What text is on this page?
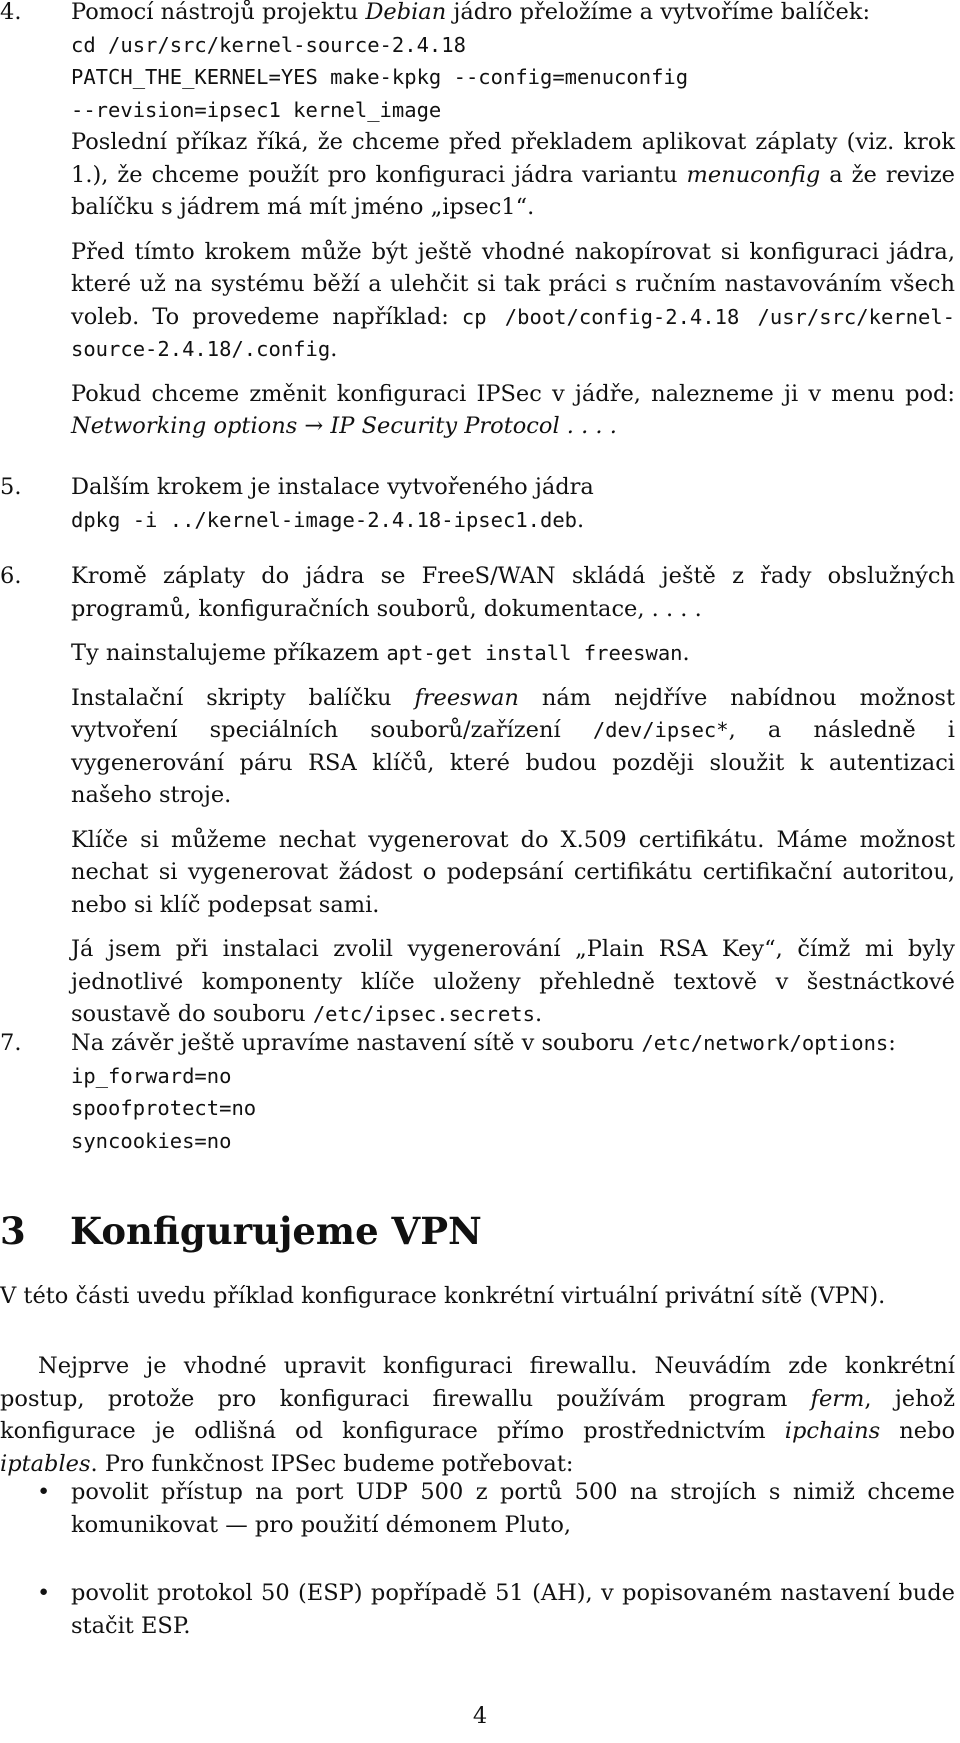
4.	Pomocí nástrojů projektu Debian jádro přeložíme a vytvoříme balíček:

cd /usr/src/kernel-source-2.4.18
PATCH_THE_KERNEL=YES make-kpkg --config=menuconfig
--revision=ipsec1 kernel_image

Poslední příkaz říká, že chceme před překladem aplikovat záplaty (viz. krok 1.), že chceme použít pro konfiguraci jádra variantu menuconfig a že revize balíčku s jádrem má mít jméno „ipsec1“.

Před tímto krokem může být ještě vhodné nakopírovat si konfiguraci jádra, které už na systému běží a ulehčit si tak práci s ručním nastavováním všech voleb. To provedeme například: cp /boot/config-2.4.18 /usr/src/kernel-source-2.4.18/.config.

Pokud chceme změnit konfiguraci IPSec v jádře, nalezneme ji v menu pod: Networking options → IP Security Protocol . . . .

5.	Dalším krokem je instalace vytvořeného jádra

dpkg -i ../kernel-image-2.4.18-ipsec1.deb.
6.	Kromě záplaty do jádra se FreeS/WAN skládá ještě z řady obslužných programů, konfiguračních souborů, dokumentace, . . . .

Ty nainstalujeme příkazem apt-get install freeswan.

Instalační skripty balíčku freeswan nám nejdříve nabídnou možnost vytvoření speciálních souborů/zařízení /dev/ipsec*, a následně i vygenerování páru RSA klíčů, které budou později sloužit k autentizaci našeho stroje.

Klíče si můžeme nechat vygenerovat do X.509 certifikátu. Máme možnost nechat si vygenerovat žádost o podepsání certifikátu certifikační autoritou, nebo si klíč podepsat sami.

Já jsem při instalaci zvolil vygenerování „Plain RSA Key“, čímž mi byly jednotlivé komponenty klíče uloženy přehledně textově v šestnáctkové soustavě do souboru /etc/ipsec.secrets.

7.	Na závěr ještě upravíme nastavení sítě v souboru /etc/network/options:
ip_forward=no
spoofprotect=no
syncookies=no
3 Konfigurujeme VPN

V této části uvedu příklad konfigurace konkrétní virtuální privátní sítě (VPN).

Nejprve je vhodné upravit konfiguraci firewallu. Neuvádím zde konkrétní postup, protože pro konfiguraci firewallu používám program ferm, jehož konfigurace je odlišná od konfigurace přímo prostřednictvím ipchains nebo iptables. Pro funkčnost IPSec budeme potřebovat:

• povolit přístup na port UDP 500 z portů 500 na strojích s nimiž chceme komunikovat — pro použití démonem Pluto,

• povolit protokol 50 (ESP) popřípadě 51 (AH), v popisovaném nastavení bude stačit ESP.

4
